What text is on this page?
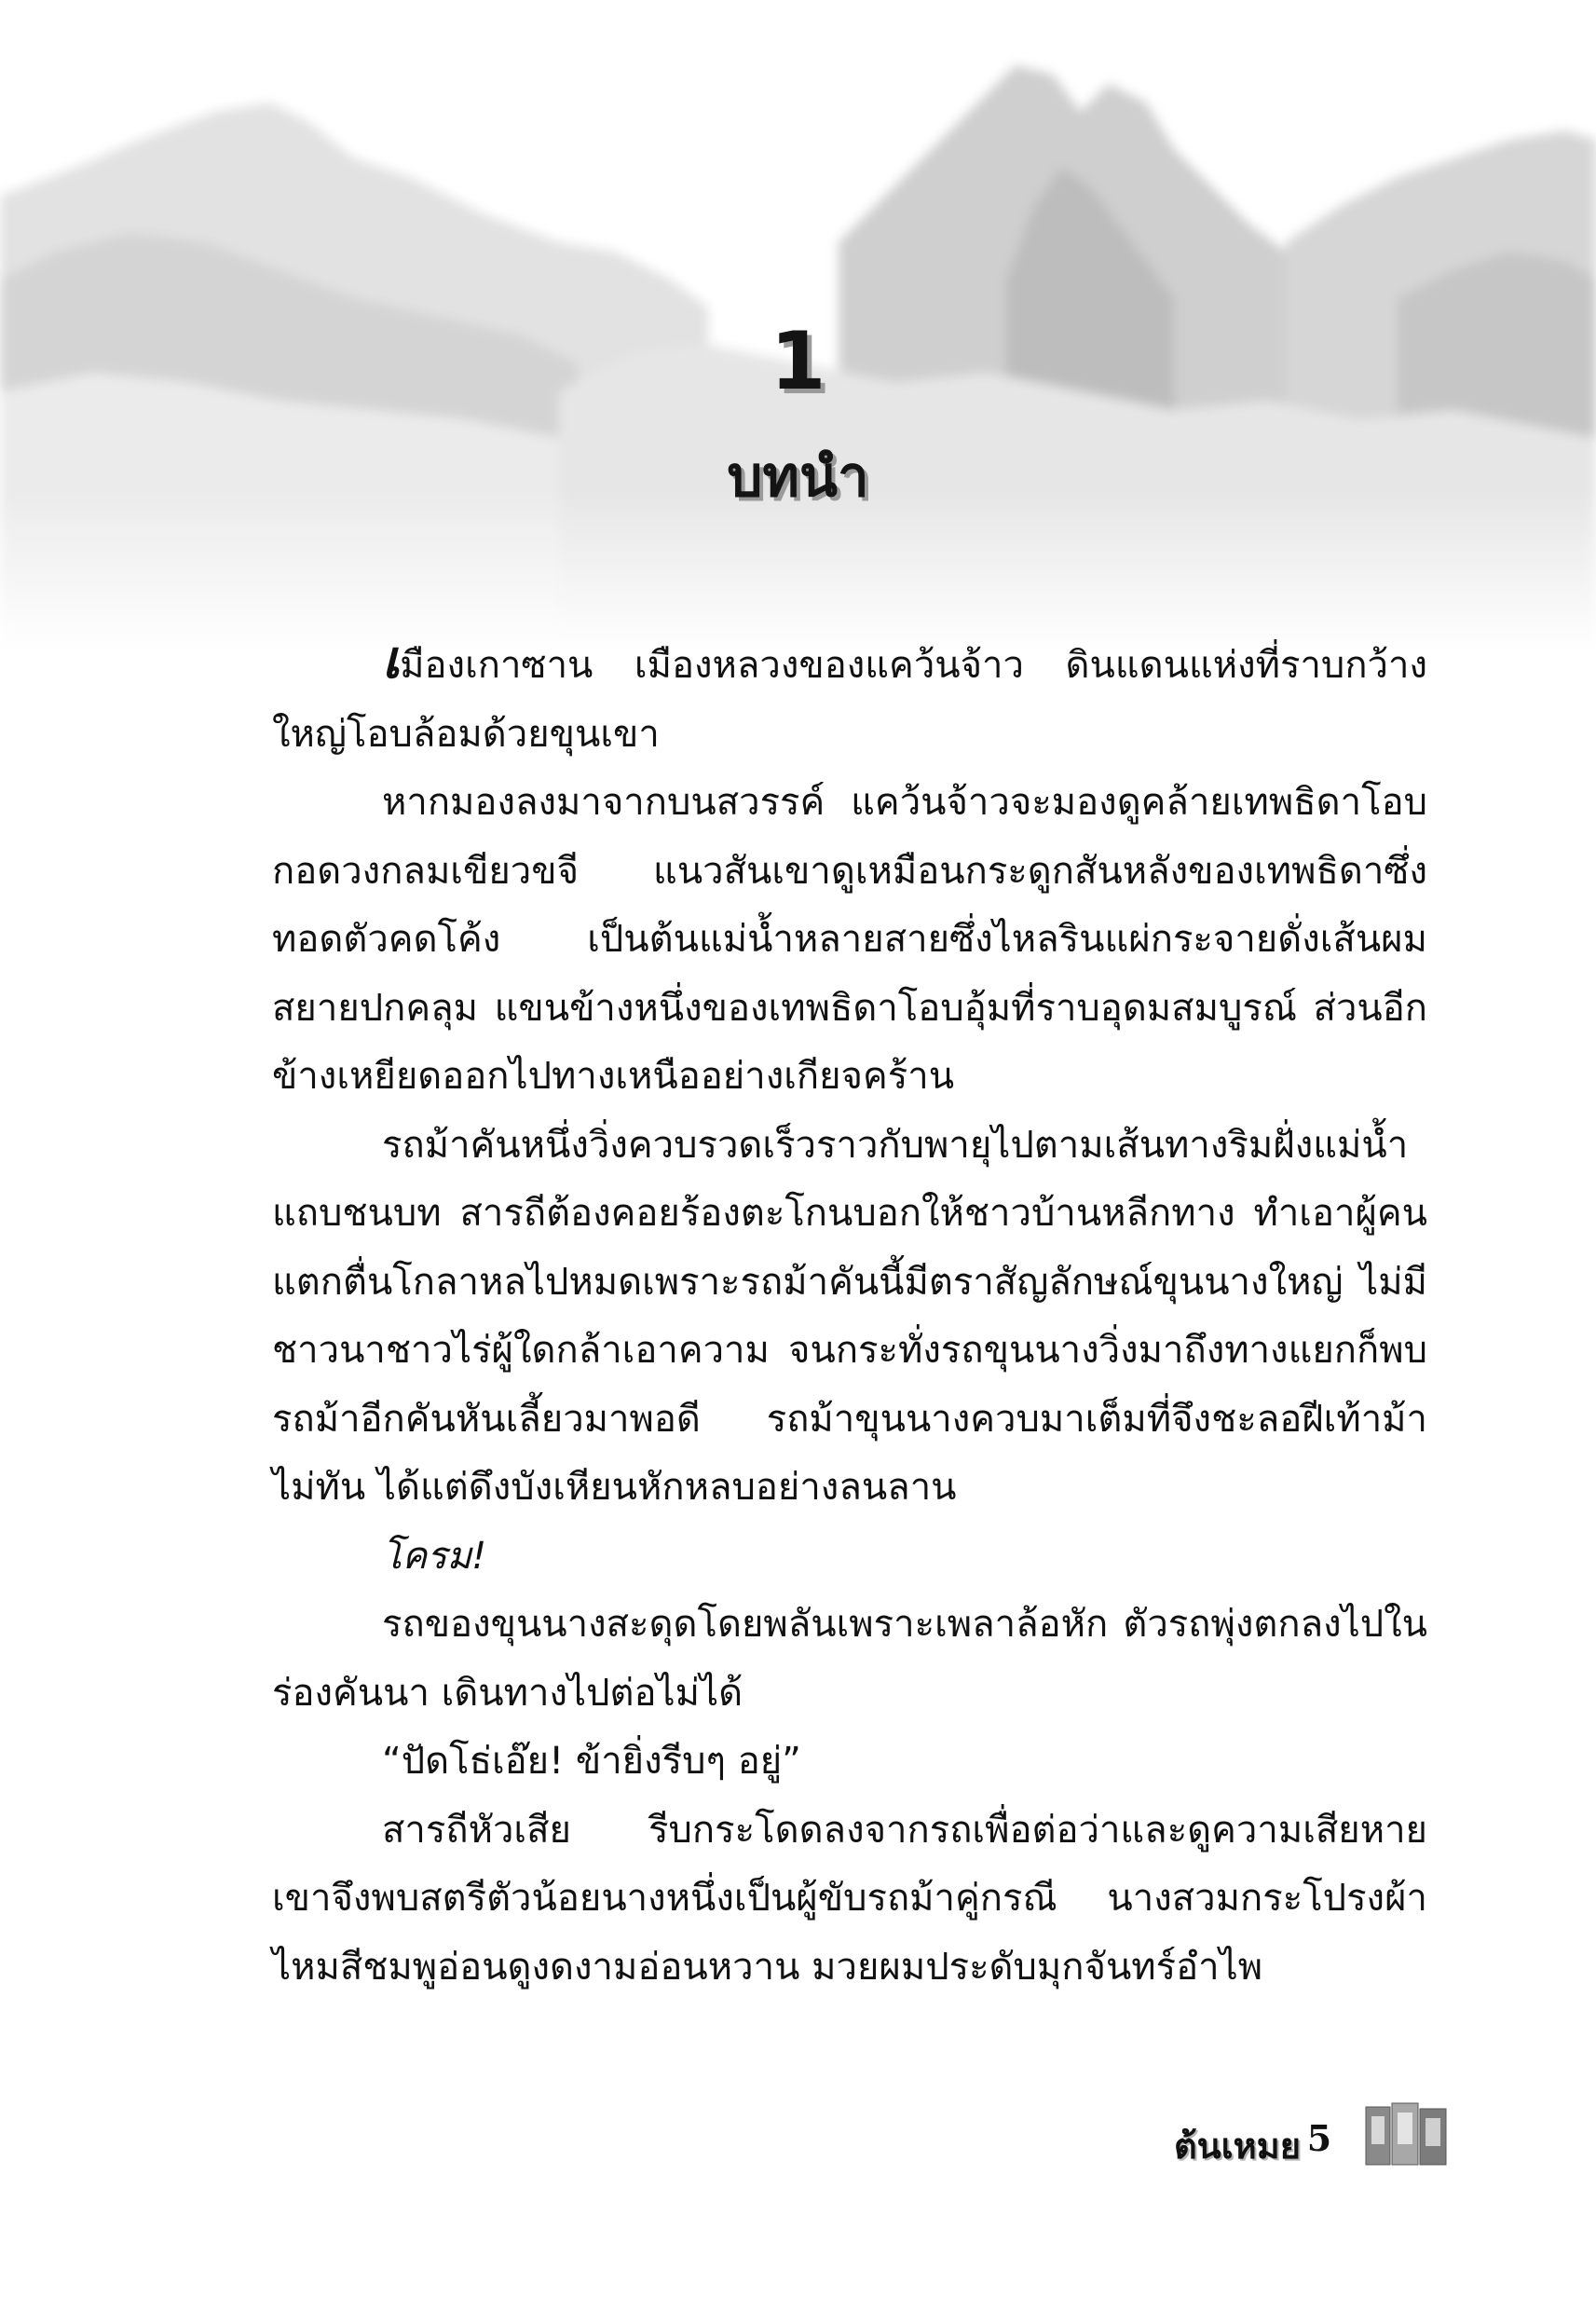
1
บทนำ

เมืองเกาซาน เมืองหลวงของแคว้นจ้าว ดินแดนแห่งที่ราบกว้างใหญ่โอบล้อมด้วยขุนเขา

หากมองลงมาจากบนสวรรค์ แคว้นจ้าวจะมองดูคล้ายเทพธิดาโอบกอดวงกลมเขียวขจี แนวสันเขาดูเหมือนกระดูกสันหลังของเทพธิดาซึ่งทอดตัวคดโค้ง เป็นต้นแม่น้ำหลายสายซึ่งไหลรินแผ่กระจายดั่งเส้นผมสยายปกคลุม แขนข้างหนึ่งของเทพธิดาโอบอุ้มที่ราบอุดมสมบูรณ์ ส่วนอีกข้างเหยียดออกไปทางเหนืออย่างเกียจคร้าน

รถม้าคันหนึ่งวิ่งควบรวดเร็วราวกับพายุไปตามเส้นทางริมฝั่งแม่น้ำแถบชนบท สารถีต้องคอยร้องตะโกนบอกให้ชาวบ้านหลีกทาง ทำเอาผู้คนแตกตื่นโกลาหลไปหมดเพราะรถม้าคันนี้มีตราสัญลักษณ์ขุนนางใหญ่ ไม่มีชาวนาชาวไร่ผู้ใดกล้าเอาความ จนกระทั่งรถขุนนางวิ่งมาถึงทางแยกก็พบรถม้าอีกคันหันเลี้ยวมาพอดี รถม้าขุนนางควบมาเต็มที่จึงชะลอฝีเท้าม้าไม่ทัน ได้แต่ดึงบังเหียนหักหลบอย่างลนลาน

โครม!

รถของขุนนางสะดุดโดยพลันเพราะเพลาล้อหัก ตัวรถพุ่งตกลงไปในร่องคันนา เดินทางไปต่อไม่ได้

“ปัดโธ่เอ๊ย! ข้ายิ่งรีบๆ อยู่”

สารถีหัวเสีย รีบกระโดดลงจากรถเพื่อต่อว่าและดูความเสียหาย เขาจึงพบสตรีตัวน้อยนางหนึ่งเป็นผู้ขับรถม้าคู่กรณี นางสวมกระโปรงผ้าไหมสีชมพูอ่อนดูงดงามอ่อนหวาน มวยผมประดับมุกจันทร์อำไพ

ต้นเหมย 5
